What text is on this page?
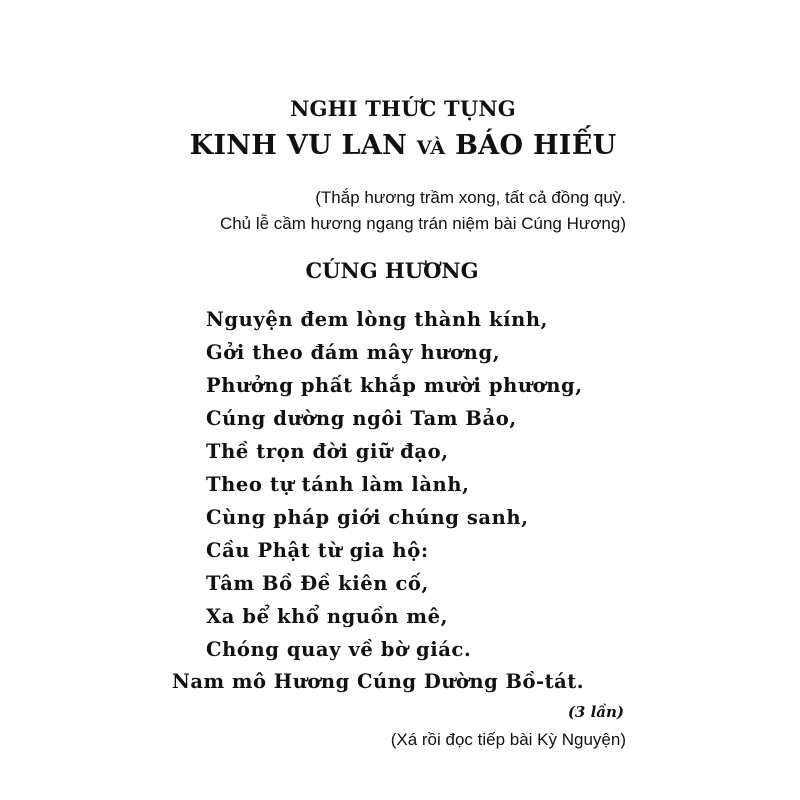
NGHI THỨC TỤNG
KINH VU LAN VÀ BÁO HIẾU
(Thắp hương trầm xong, tất cả đồng quỳ.
Chủ lễ cầm hương ngang trán niệm bài Cúng Hương)
CÚNG HƯƠNG
Nguyện đem lòng thành kính,
Gởi theo đám mây hương,
Phưởng phất khắp mười phương,
Cúng dường ngôi Tam Bảo,
Thề trọn đời giữ đạo,
Theo tự tánh làm lành,
Cùng pháp giới chúng sanh,
Cầu Phật từ gia hộ:
Tâm Bồ Đề kiên cố,
Xa bể khổ nguồn mê,
Chóng quay về bờ giác.
Nam mô Hương Cúng Dường Bồ-tát.
(3 lần)
(Xá rồi đọc tiếp bài Kỳ Nguyện)
